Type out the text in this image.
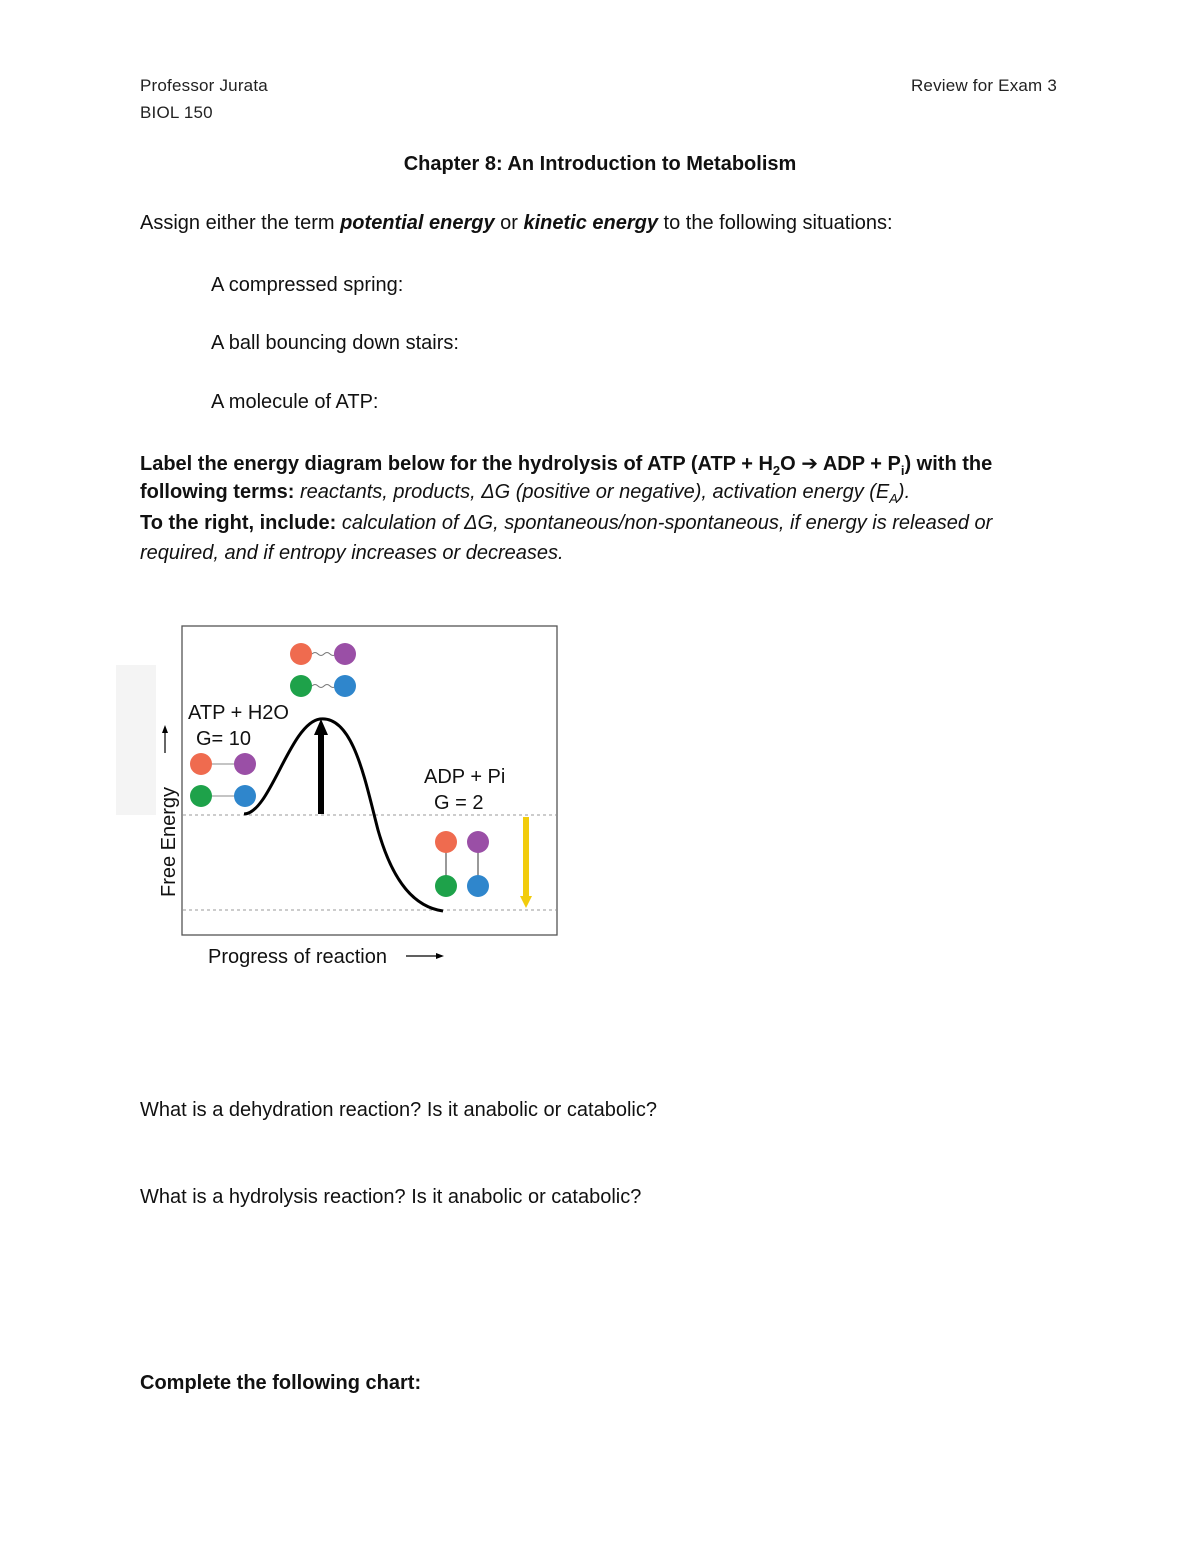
Professor Jurata
BIOL 150
Review for Exam 3
Chapter 8: An Introduction to Metabolism
Assign either the term potential energy or kinetic energy to the following situations:
A compressed spring:
A ball bouncing down stairs:
A molecule of ATP:
Label the energy diagram below for the hydrolysis of ATP ($ATP + H_2O$ ➔ ADP + $P_i$) with the
following terms: reactants, products, ΔG (positive or negative), activation energy $(E_A)$.
To the right, include: calculation of ΔG, spontaneous/non-spontaneous, if energy is released or
required, and if entropy increases or decreases.
ATP + H2O
G= 10
ADP + Pi
G = 2
Free Energy
Progress of reaction
What is a dehydration reaction? Is it anabolic or catabolic?
What is a hydrolysis reaction? Is it anabolic or catabolic?
Complete the following chart:
